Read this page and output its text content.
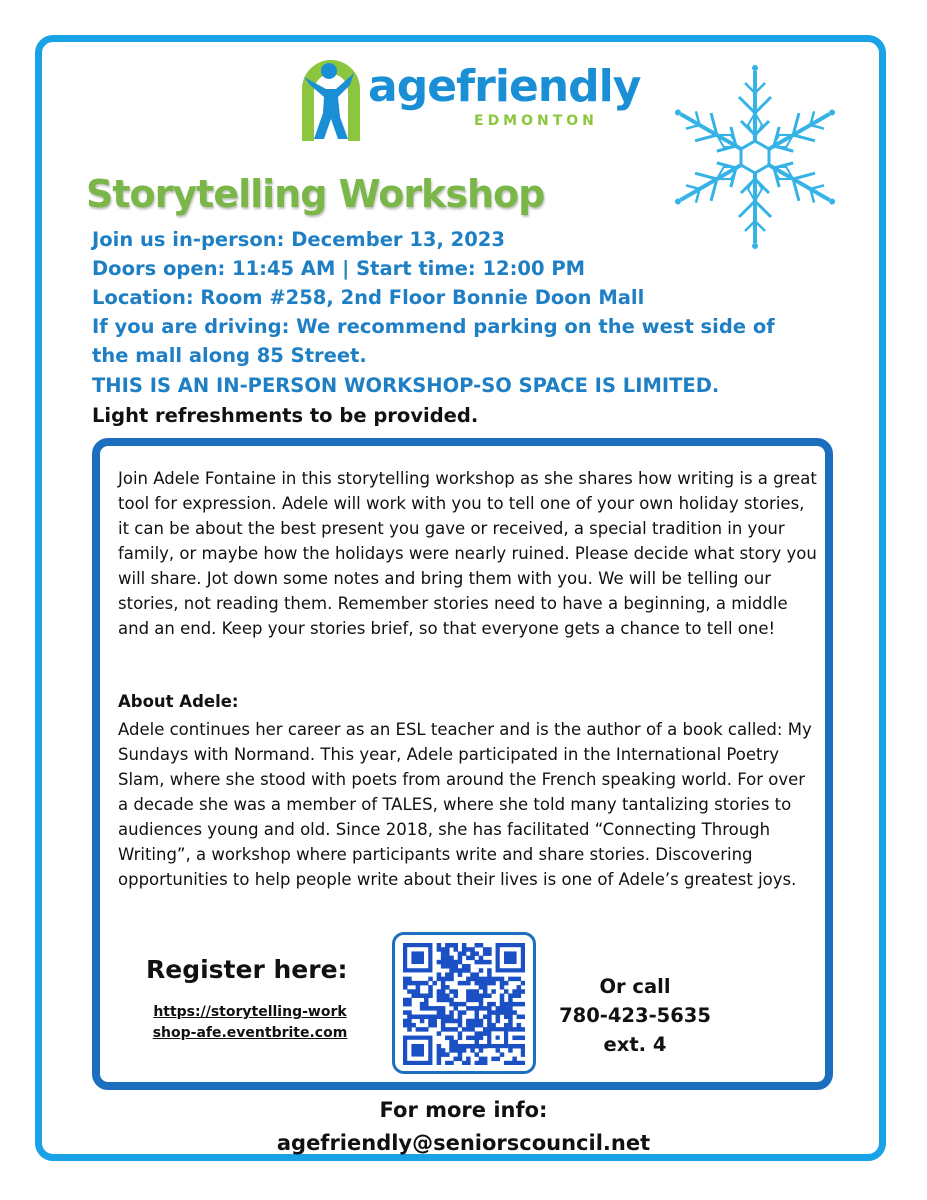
agefriendly
EDMONTON
Storytelling Workshop
Join us in-person: December 13, 2023
Doors open: 11:45 AM | Start time: 12:00 PM
Location: Room #258, 2nd Floor Bonnie Doon Mall
If you are driving: We recommend parking on the west side of
the mall along 85 Street.
THIS IS AN IN-PERSON WORKSHOP-SO SPACE IS LIMITED.
Light refreshments to be provided.

Join Adele Fontaine in this storytelling workshop as she shares how writing is a great tool for expression. Adele will work with you to tell one of your own holiday stories, it can be about the best present you gave or received, a special tradition in your family, or maybe how the holidays were nearly ruined. Please decide what story you will share. Jot down some notes and bring them with you. We will be telling our stories, not reading them. Remember stories need to have a beginning, a middle and an end. Keep your stories brief, so that everyone gets a chance to tell one!

About Adele:

Adele continues her career as an ESL teacher and is the author of a book called: My Sundays with Normand. This year, Adele participated in the International Poetry Slam, where she stood with poets from around the French speaking world. For over a decade she was a member of TALES, where she told many tantalizing stories to audiences young and old. Since 2018, she has facilitated “Connecting Through Writing”, a workshop where participants write and share stories. Discovering opportunities to help people write about their lives is one of Adele’s greatest joys.

Register here:
https://storytelling-workshop-afe.eventbrite.com
Or call
780-423-5635
ext. 4
For more info:
agefriendly@seniorscouncil.net
